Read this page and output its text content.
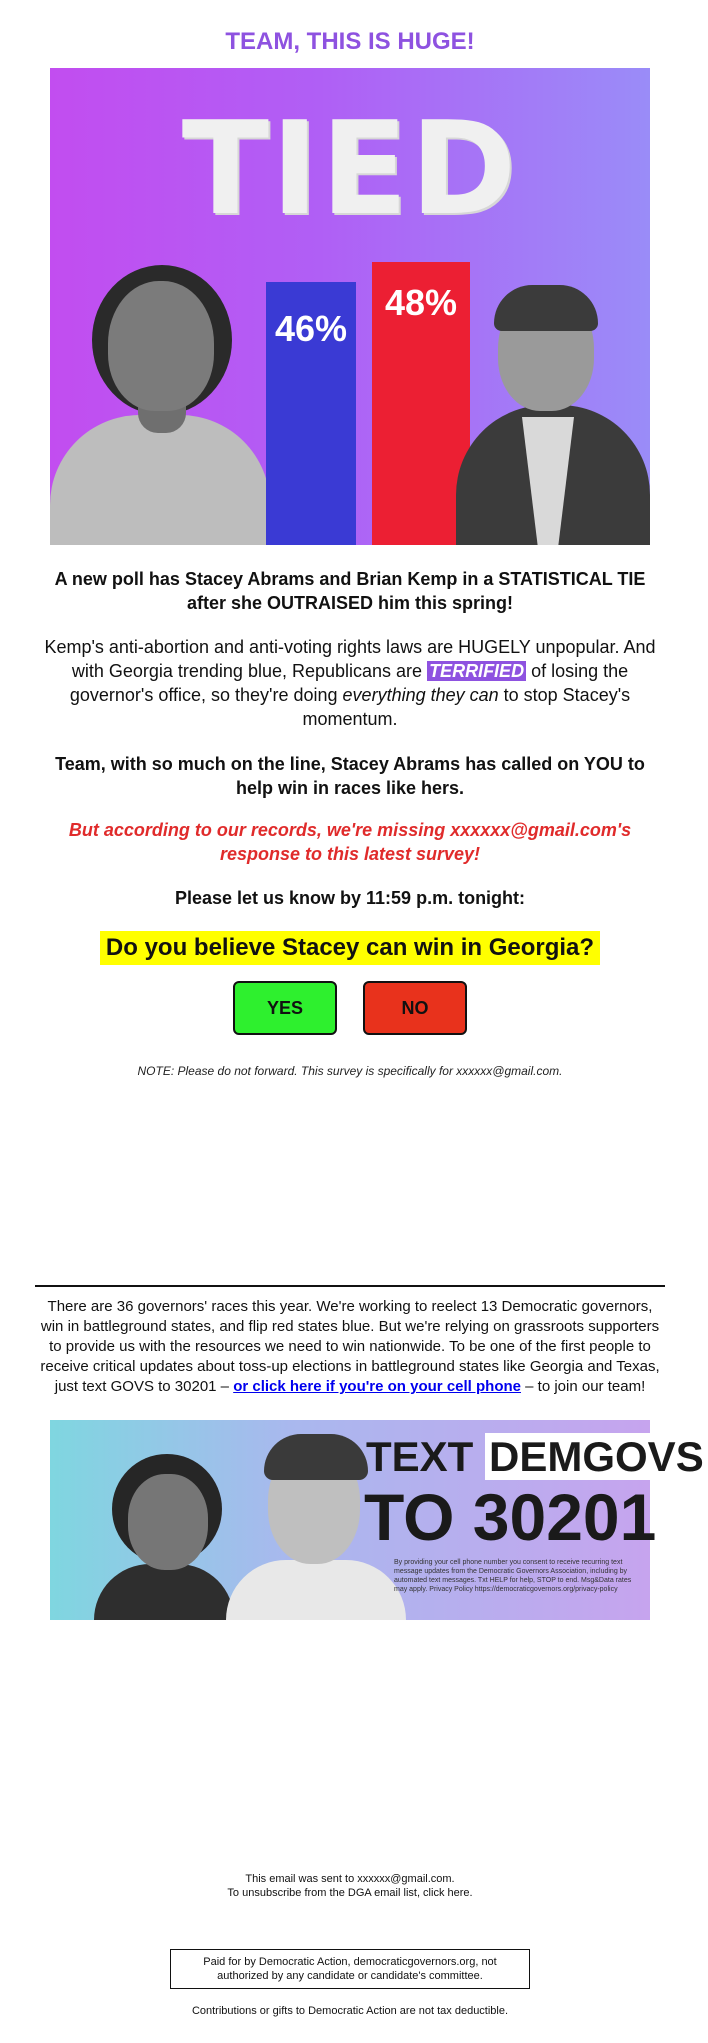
TEAM, THIS IS HUGE!
TIED
46%
48%
A new poll has Stacey Abrams and Brian Kemp in a STATISTICAL TIE after she OUTRAISED him this spring!
Kemp's anti-abortion and anti-voting rights laws are HUGELY unpopular. And with Georgia trending blue, Republicans are TERRIFIED of losing the governor's office, so they're doing everything they can to stop Stacey's momentum.
Team, with so much on the line, Stacey Abrams has called on YOU to help win in races like hers.
But according to our records, we're missing xxxxxx@gmail.com's response to this latest survey!
Please let us know by 11:59 p.m. tonight:
Do you believe Stacey can win in Georgia?
YES	NO
NOTE: Please do not forward. This survey is specifically for xxxxxx@gmail.com.
There are 36 governors' races this year. We're working to reelect 13 Democratic governors, win in battleground states, and flip red states blue. But we're relying on grassroots supporters to provide us with the resources we need to win nationwide. To be one of the first people to receive critical updates about toss-up elections in battleground states like Georgia and Texas, just text GOVS to 30201 – or click here if you're on your cell phone – to join our team!
TEXT DEMGOVS
TO 30201
By providing your cell phone number you consent to receive recurring text message updates from the Democratic Governors Association, including by automated text messages. Txt HELP for help, STOP to end. Msg&Data rates may apply. Privacy Policy https://democraticgovernors.org/privacy-policy
This email was sent to xxxxxx@gmail.com.
To unsubscribe from the DGA email list, click here.
Paid for by Democratic Action, democraticgovernors.org, not authorized by any candidate or candidate's committee.
Contributions or gifts to Democratic Action are not tax deductible.
